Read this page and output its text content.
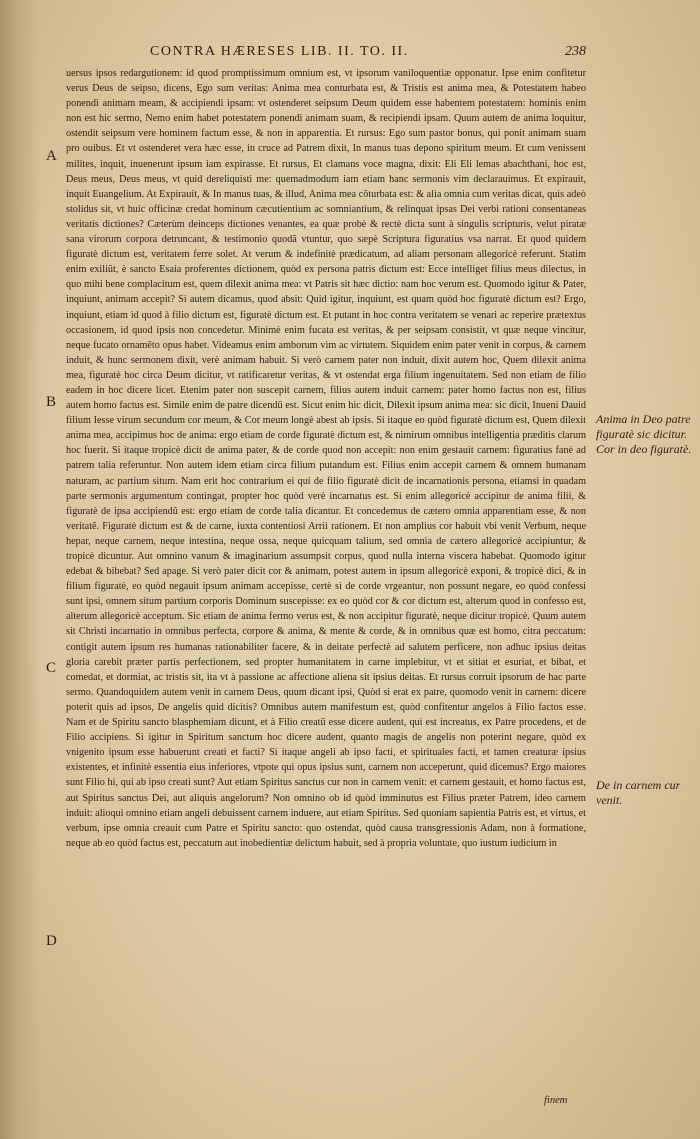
CONTRA HÆRESES LIB. II. TO. II.	238
A
B
C
D

uersus ipsos redargutionem: id quod promptissimum omnium est, vt ipsorum vaniloquentiæ opponatur. Ipse enim confitetur verus Deus de seipso, dicens, Ego sum veritas: Anima mea conturbata est, & Tristis est anima mea, & Potestatem habeo ponendi animam meam, & accipiendi ipsam: vt ostenderet seipsum Deum quidem esse habentem potestatem: hominis enim non est hic sermo, Nemo enim habet potestatem ponendi animam suam, & recipiendi ipsam. Quum autem de anima loquitur, ostendit seipsum vere hominem factum esse, & non in apparentia. Et rursus: Ego sum pastor bonus, qui ponit animam suam pro ouibus. Et vt ostenderet vera hæc esse, in cruce ad Patrem dixit, In manus tuas depono spiritum meum. Et cum venissent milites, inquit, inuenerunt ipsum iam expirasse. Et rursus, Et clamans voce magna, dixit: Eli Eli lemas abachthani, hoc est, Deus meus, Deus meus, vt quid dereliquisti me: quemadmodum iam etiam hanc sermonis vim declarauimus. Et expirauit, inquit Euangelium. At Expirauit, & In manus tuas, & illud, Anima mea cõturbata est: & alia omnia cum veritas dicat, quis adeò stolidus sit, vt huic officinæ credat hominum cæcutientium ac somniantium, & relinquat ipsas Dei verbi rationi consentaneas veritatis dictiones? Cæterùm deinceps dictiones venantes, ea quæ probè & rectè dicta sunt à singulis scripturis, velut piratæ sana virorum corpora detruncant, & testimonio quodã vtuntur, quo sæpè Scriptura figuratius vsa narrat. Et quod quidem figuratè dictum est, veritatem ferre solet. At verum & indefinitè prædicatum, ad aliam personam allegoricè referunt. Statim enim exiliũt, è sancto Esaia proferentes dictionem, quòd ex persona patris dictum est: Ecce intelliget filius meus dilectus, in quo mihi bene complacitum est, quem dilexit anima mea: vt Patris sit hæc dictio: nam hoc verum est. Quomodo igitur & Pater, inquiunt, animam accepit? Si autem dicamus, quod absit: Quid igitur, inquiunt, est quam quòd hoc figuratè dictum est? Ergo, inquiunt, etiam id quod à filio dictum est, figuratè dictum est. Et putant in hoc contra veritatem se venari ac reperire prætextus occasionem, id quod ipsis non concedetur. Minimè enim fucata est veritas, & per seipsam consistit, vt quæ neque vincitur, neque fucato ornamẽto opus habet. Videamus enim amborum vim ac virtutem. Siquidem enim pater venit in corpus, & carnem induit, & hunc sermonem dixit, verè animam habuit. Si verò carnem pater non induit, dixit autem hoc, Quem dilexit anima mea, figuratè hoc circa Deum dicitur, vt ratificaretur veritas, & vt ostendat erga filium ingenuitatem. Sed non etiam de filio eadem in hoc dicere licet. Etenim pater non suscepit carnem, filius autem induit carnem: pater homo factus non est, filius autem homo factus est. Simile enim de patre dicendũ est. Sicut enim hic dicit, Dilexit ipsum anima mea: sic dicit, Inueni Dauid filium Iesse virum secundum cor meum, & Cor meum longè abest ab ipsis. Si itaque eo quòd figuratè dictum est, Quem dilexit anima mea, accipimus hoc de anima: ergo etiam de corde figuratè dictum est, & nimirum omnibus intelligentia præditis clarum hoc fuerit. Si itaque tropicè dicit de anima pater, & de corde quod non accepit: non enim gestauit carnem: figuratius fanè ad patrem talia referuntur. Non autem idem etiam circa filium putandum est. Filius enim accepit carnem & omnem humanam naturam, ac partium situm. Nam erit hoc contrarium ei qui de filio figuratè dicit de incarnationis persona, etiamsi in quadam parte sermonis argumentum contingat, propter hoc quòd verè incarnatus est. Si enim allegoricè accipitur de anima filii, & figuratè de ipsa accipiendũ est: ergo etiam de corde talia dicantur. Et concedemus de cætero omnia apparentiam esse, & non veritatẽ. Figuratè dictum est & de carne, iuxta contentiosi Arrii rationem. Et non amplius cor habuit vbi venit Verbum, neque hepar, neque carnem, neque intestina, neque ossa, neque quicquam talium, sed omnia de cætero allegoricè accipiuntur, & tropicè dicuntur. Aut omnino vanum & imaginarium assumpsit corpus, quod nulla interna viscera habebat. Quomodo igitur edebat & bibebat? Sed apage. Si verò pater dicit cor & animam, potest autem in ipsum allegoricè exponi, & tropicè dici, & in filium figuratè, eo quòd negauit ipsum animam accepisse, certè si de corde vrgeantur, non possunt negare, eo quòd confessi sunt ipsi, omnem situm partium corporis Dominum suscepisse: ex eo quòd cor & cor dictum est, alterum quod in confesso est, alterum allegoricè acceptum. Sic etiam de anima fermo verus est, & non accipitur figuratè, neque dicitur tropicè. Quum autem sit Christi incarnatio in omnibus perfecta, corpore & anima, & mente & corde, & in omnibus quæ est homo, citra peccatum: contigit autem ipsum res humanas rationabiliter facere, & in deitate perfectè ad salutem perficere, non adhuc ipsius deitas gloria carebit præter partis perfectionem, sed propter humanitatem in carne implebitur, vt et sitiat et esuriat, et bibat, et comedat, et dormiat, ac tristis sit, ita vt à passione ac affectione aliena sit ipsius deitas. Et rursus corruit ipsorum de hac parte sermo. Quandoquidem autem venit in carnem Deus, quum dicant ipsi, Quòd si erat ex patre, quomodo venit in carnem: dicere poterit quis ad ipsos, De angelis quid dicitis? Omnibus autem manifestum est, quòd confitentur angelos à Filio factos esse. Nam et de Spiritu sancto blasphemiam dicunt, et à Filio creatũ esse dicere audent, qui est increatus, ex Patre procedens, et de Filio accipiens. Si igitur in Spiritum sanctum hoc dicere audent, quanto magis de angelis non poterint negare, quòd ex vnigenito ipsum esse habuerunt creati et facti? Si itaque angeli ab ipso facti, et spirituales facti, et tamen creaturæ ipsius existentes, et infinitè essentia eius inferiores, vtpote qui opus ipsius sunt, carnem non acceperunt, quid dicemus? Ergo maiores sunt Filio hi, qui ab ipso creati sunt? Aut etiam Spiritus sanctus cur non in carnem venit: et carnem gestauit, et homo factus est, aut Spiritus sanctus Dei, aut aliquis angelorum? Non omnino ob id quòd imminutus est Filius præter Patrem, ideo carnem induit: alioqui omnino etiam angeli debuissent carnem induere, aut etiam Spiritus. Sed quoniam sapientia Patris est, et virtus, et verbum, ipse omnia creauit cum Patre et Spiritu sancto: quo ostendat, quòd causa transgressionis Adam, non à formatione, neque ab eo quòd factus est, peccatum aut inobedientiæ delictum habuit, sed à propria voluntate, quo iustum iudicium in

Anima in Deo patre figuratè sic dicitur. Cor in deo figuratè.
De in carnem cur venit.
finem
